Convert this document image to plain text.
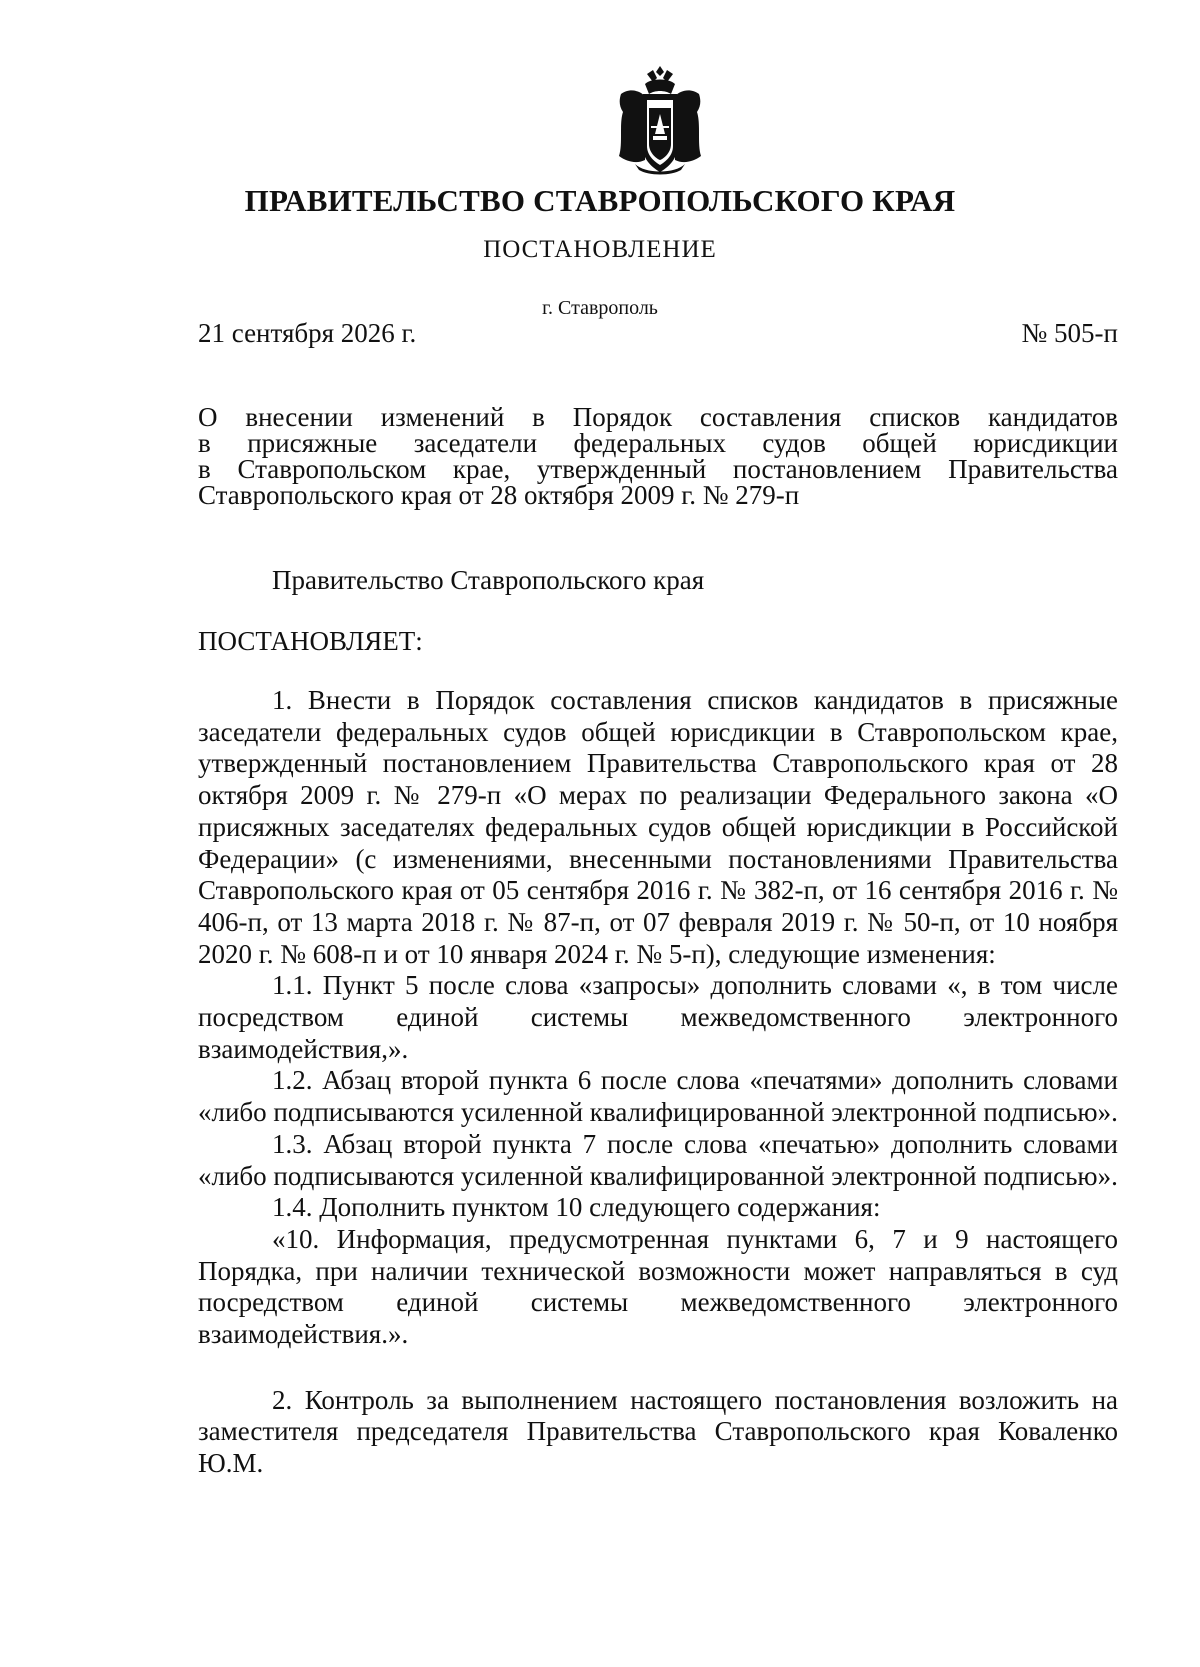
ПРАВИТЕЛЬСТВО СТАВРОПОЛЬСКОГО КРАЯ

ПОСТАНОВЛЕНИЕ

г. Ставрополь

21 сентября 2026 г.	№ 505-п

О внесении изменений в Порядок составления списков кандидатов
в присяжные заседатели федеральных судов общей юрисдикции
в Ставропольском крае, утвержденный постановлением Правительства
Ставропольского края от 28 октября 2009 г. № 279-п

Правительство Ставропольского края

ПОСТАНОВЛЯЕТ:

1. Внести в Порядок составления списков кандидатов в присяжные заседатели федеральных судов общей юрисдикции в Ставропольском крае, утвержденный постановлением Правительства Ставропольского края от 28 октября 2009 г. № 279-п «О мерах по реализации Федерального закона «О присяжных заседателях федеральных судов общей юрисдикции в Российской Федерации» (с изменениями, внесенными постановлениями Правительства Ставропольского края от 05 сентября 2016 г. № 382-п, от 16 сентября 2016 г. № 406-п, от 13 марта 2018 г. № 87-п, от 07 февраля 2019 г. № 50-п, от 10 ноября 2020 г. № 608-п и от 10 января 2024 г. № 5-п), следующие изменения:

1.1. Пункт 5 после слова «запросы» дополнить словами «, в том числе посредством единой системы межведомственного электронного взаимодействия,».

1.2. Абзац второй пункта 6 после слова «печатями» дополнить словами «либо подписываются усиленной квалифицированной электронной подписью».

1.3. Абзац второй пункта 7 после слова «печатью» дополнить словами «либо подписываются усиленной квалифицированной электронной подписью».

1.4. Дополнить пунктом 10 следующего содержания:

«10. Информация, предусмотренная пунктами 6, 7 и 9 настоящего Порядка, при наличии технической возможности может направляться в суд посредством единой системы межведомственного электронного взаимодействия.».

2. Контроль за выполнением настоящего постановления возложить на заместителя председателя Правительства Ставропольского края Коваленко Ю.М.
